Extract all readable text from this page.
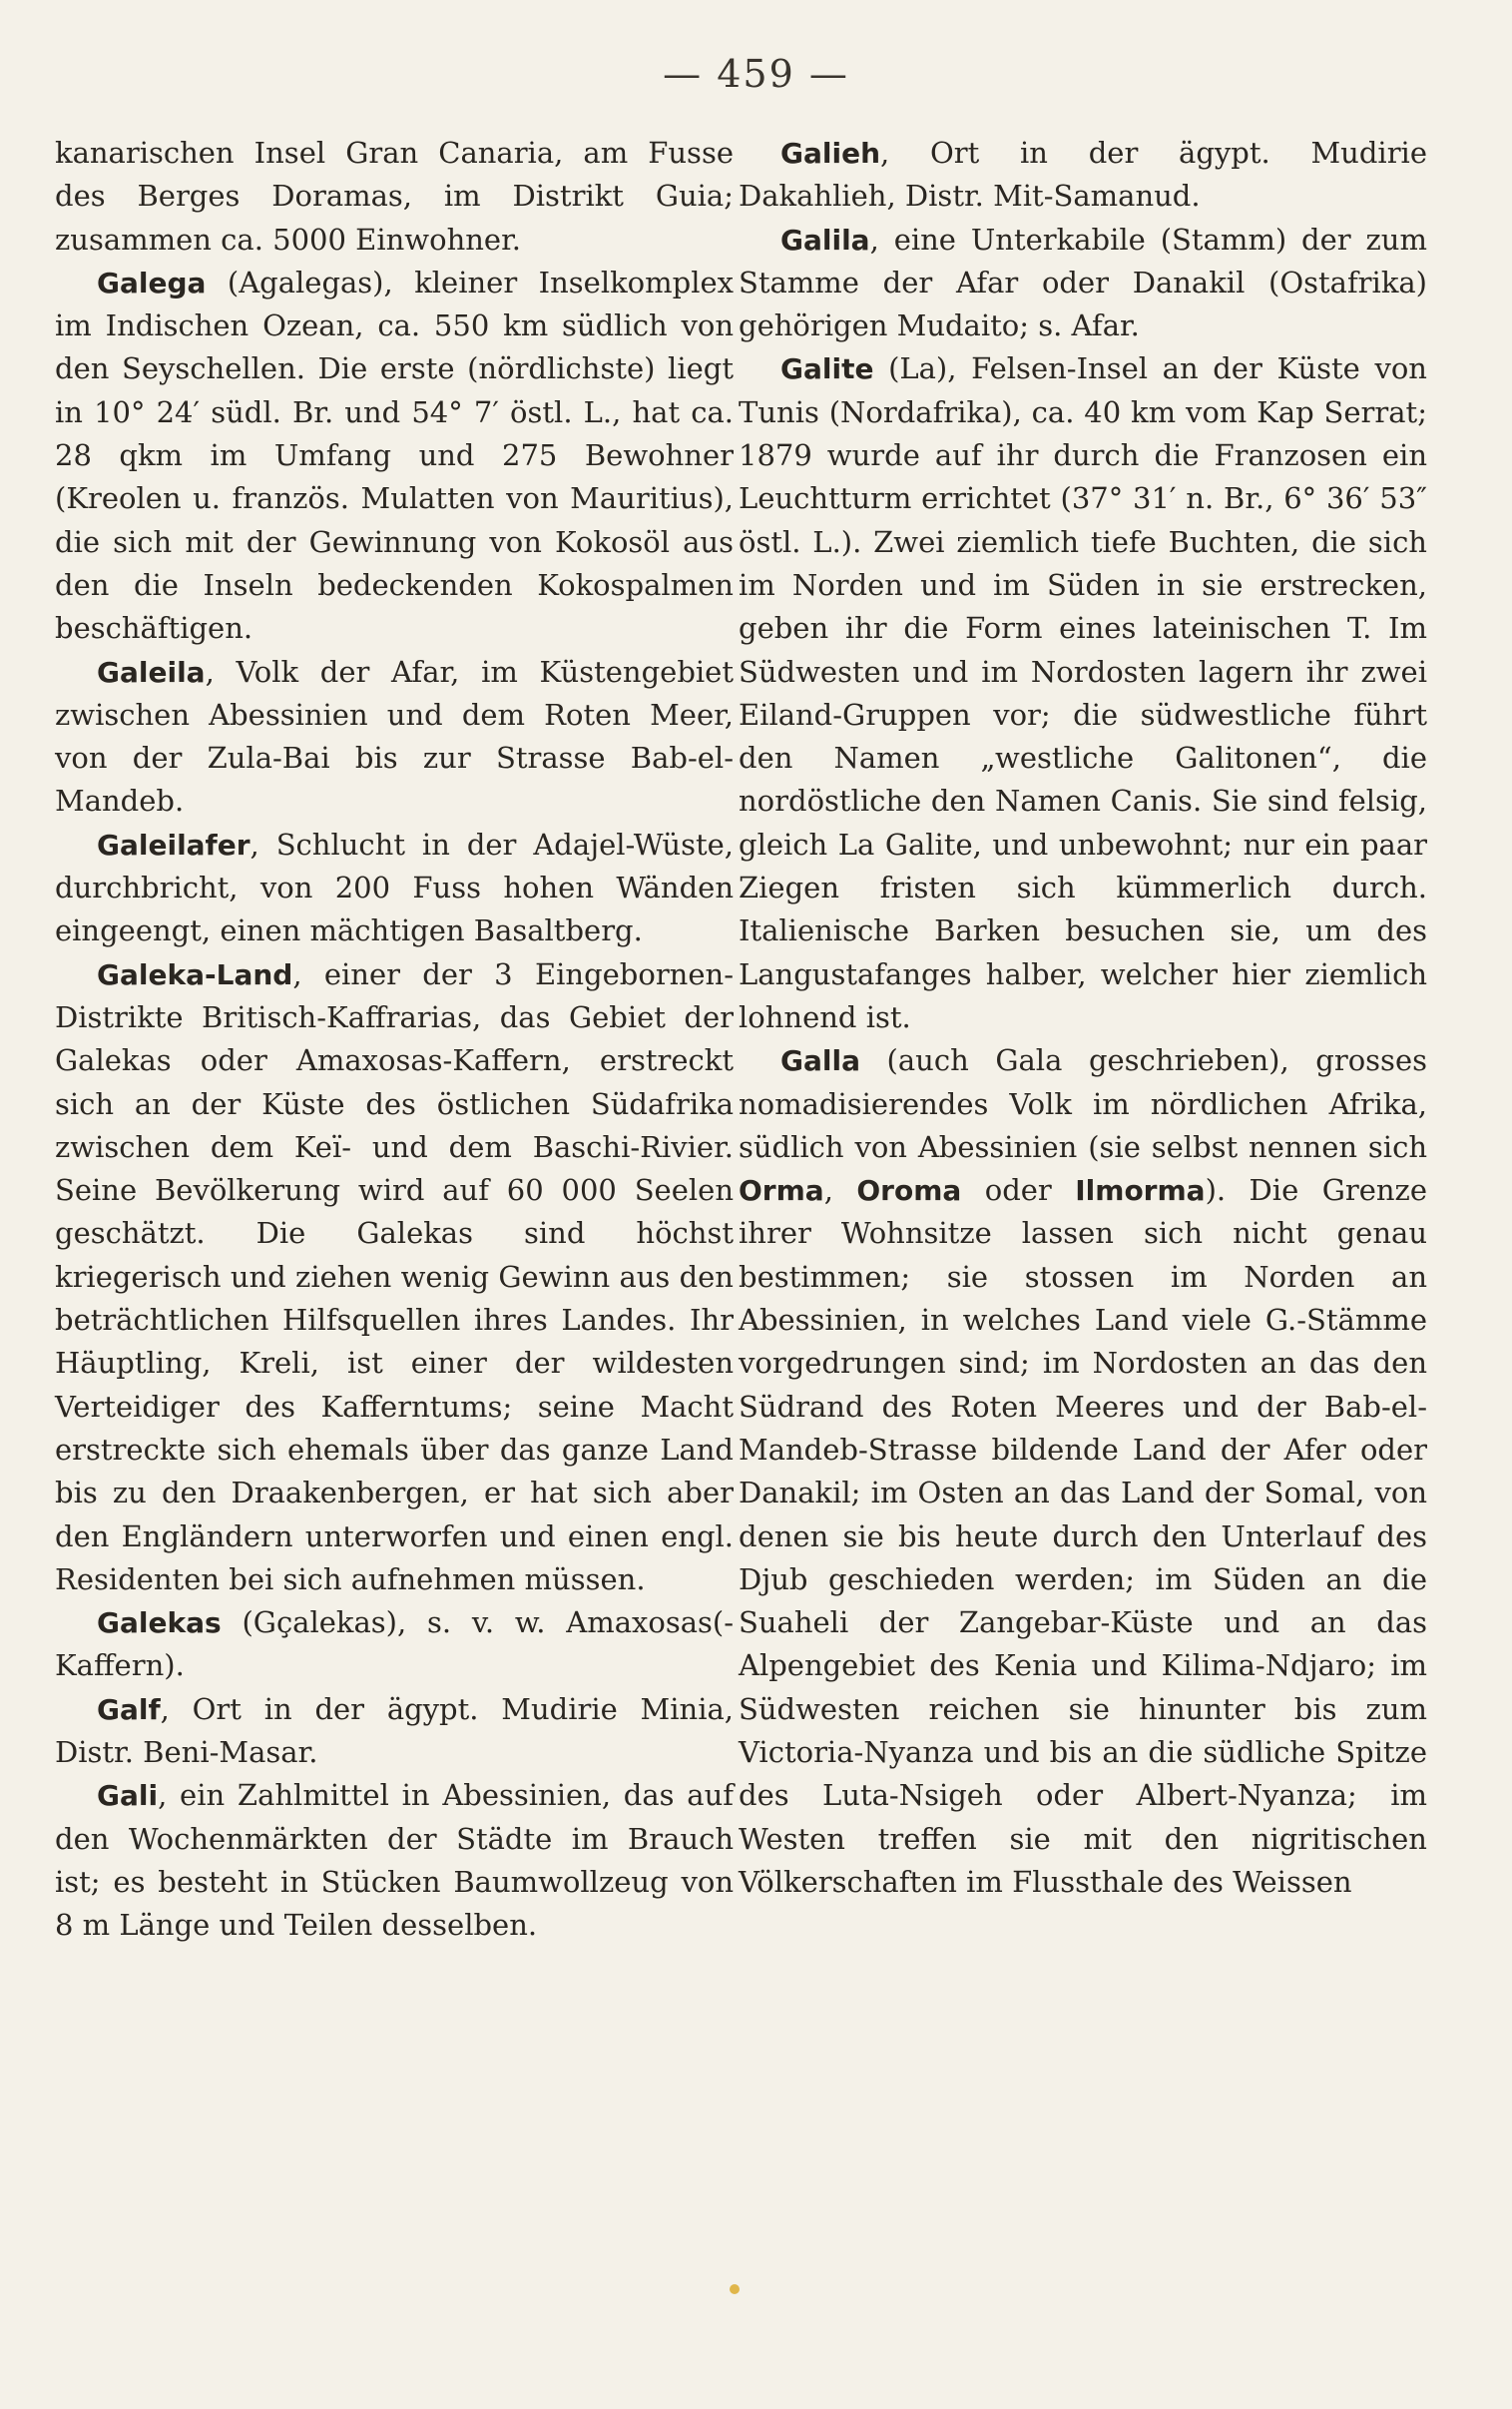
— 459 —

kanarischen Insel Gran Canaria, am Fusse des Berges Doramas, im Distrikt Guia; zusammen ca. 5000 Einwohner.

Galega (Agalegas), kleiner Inselkomplex im Indischen Ozean, ca. 550 km südlich von den Seyschellen. Die erste (nördlichste) liegt in 10° 24′ südl. Br. und 54° 7′ östl. L., hat ca. 28 qkm im Umfang und 275 Bewohner (Kreolen u. französ. Mulatten von Mauritius), die sich mit der Gewinnung von Kokosöl aus den die Inseln bedeckenden Kokospalmen beschäftigen.

Galeila, Volk der Afar, im Küstengebiet zwischen Abessinien und dem Roten Meer, von der Zula-Bai bis zur Strasse Bab-el-Mandeb.

Galeilafer, Schlucht in der Adajel-Wüste, durchbricht, von 200 Fuss hohen Wänden eingeengt, einen mächtigen Basaltberg.

Galeka-Land, einer der 3 Eingebornen-Distrikte Britisch-Kaffrarias, das Gebiet der Galekas oder Amaxosas-Kaffern, erstreckt sich an der Küste des östlichen Südafrika zwischen dem Keï- und dem Baschi-Rivier. Seine Bevölkerung wird auf 60 000 Seelen geschätzt. Die Galekas sind höchst kriegerisch und ziehen wenig Gewinn aus den beträchtlichen Hilfsquellen ihres Landes. Ihr Häuptling, Kreli, ist einer der wildesten Verteidiger des Kafferntums; seine Macht erstreckte sich ehemals über das ganze Land bis zu den Draakenbergen, er hat sich aber den Engländern unterworfen und einen engl. Residenten bei sich aufnehmen müssen.

Galekas (Gçalekas), s. v. w. Amaxosas(-Kaffern).

Galf, Ort in der ägypt. Mudirie Minia, Distr. Beni-Masar.

Gali, ein Zahlmittel in Abessinien, das auf den Wochenmärkten der Städte im Brauch ist; es besteht in Stücken Baumwollzeug von 8 m Länge und Teilen desselben.

Galieh, Ort in der ägypt. Mudirie Dakahlieh, Distr. Mit-Samanud.

Galila, eine Unterkabile (Stamm) der zum Stamme der Afar oder Danakil (Ostafrika) gehörigen Mudaito; s. Afar.

Galite (La), Felsen-Insel an der Küste von Tunis (Nordafrika), ca. 40 km vom Kap Serrat; 1879 wurde auf ihr durch die Franzosen ein Leuchtturm errichtet (37° 31′ n. Br., 6° 36′ 53″ östl. L.). Zwei ziemlich tiefe Buchten, die sich im Norden und im Süden in sie erstrecken, geben ihr die Form eines lateinischen T. Im Südwesten und im Nordosten lagern ihr zwei Eiland-Gruppen vor; die südwestliche führt den Namen „westliche Galitonen“, die nordöstliche den Namen Canis. Sie sind felsig, gleich La Galite, und unbewohnt; nur ein paar Ziegen fristen sich kümmerlich durch. Italienische Barken besuchen sie, um des Langustafanges halber, welcher hier ziemlich lohnend ist.

Galla (auch Gala geschrieben), grosses nomadisierendes Volk im nördlichen Afrika, südlich von Abessinien (sie selbst nennen sich Orma, Oroma oder Ilmorma). Die Grenze ihrer Wohnsitze lassen sich nicht genau bestimmen; sie stossen im Norden an Abessinien, in welches Land viele G.-Stämme vorgedrungen sind; im Nordosten an das den Südrand des Roten Meeres und der Bab-el-Mandeb-Strasse bildende Land der Afer oder Danakil; im Osten an das Land der Somal, von denen sie bis heute durch den Unterlauf des Djub geschieden werden; im Süden an die Suaheli der Zangebar-Küste und an das Alpengebiet des Kenia und Kilima-Ndjaro; im Südwesten reichen sie hinunter bis zum Victoria-Nyanza und bis an die südliche Spitze des Luta-Nsigeh oder Albert-Nyanza; im Westen treffen sie mit den nigritischen Völkerschaften im Flussthale des Weissen
